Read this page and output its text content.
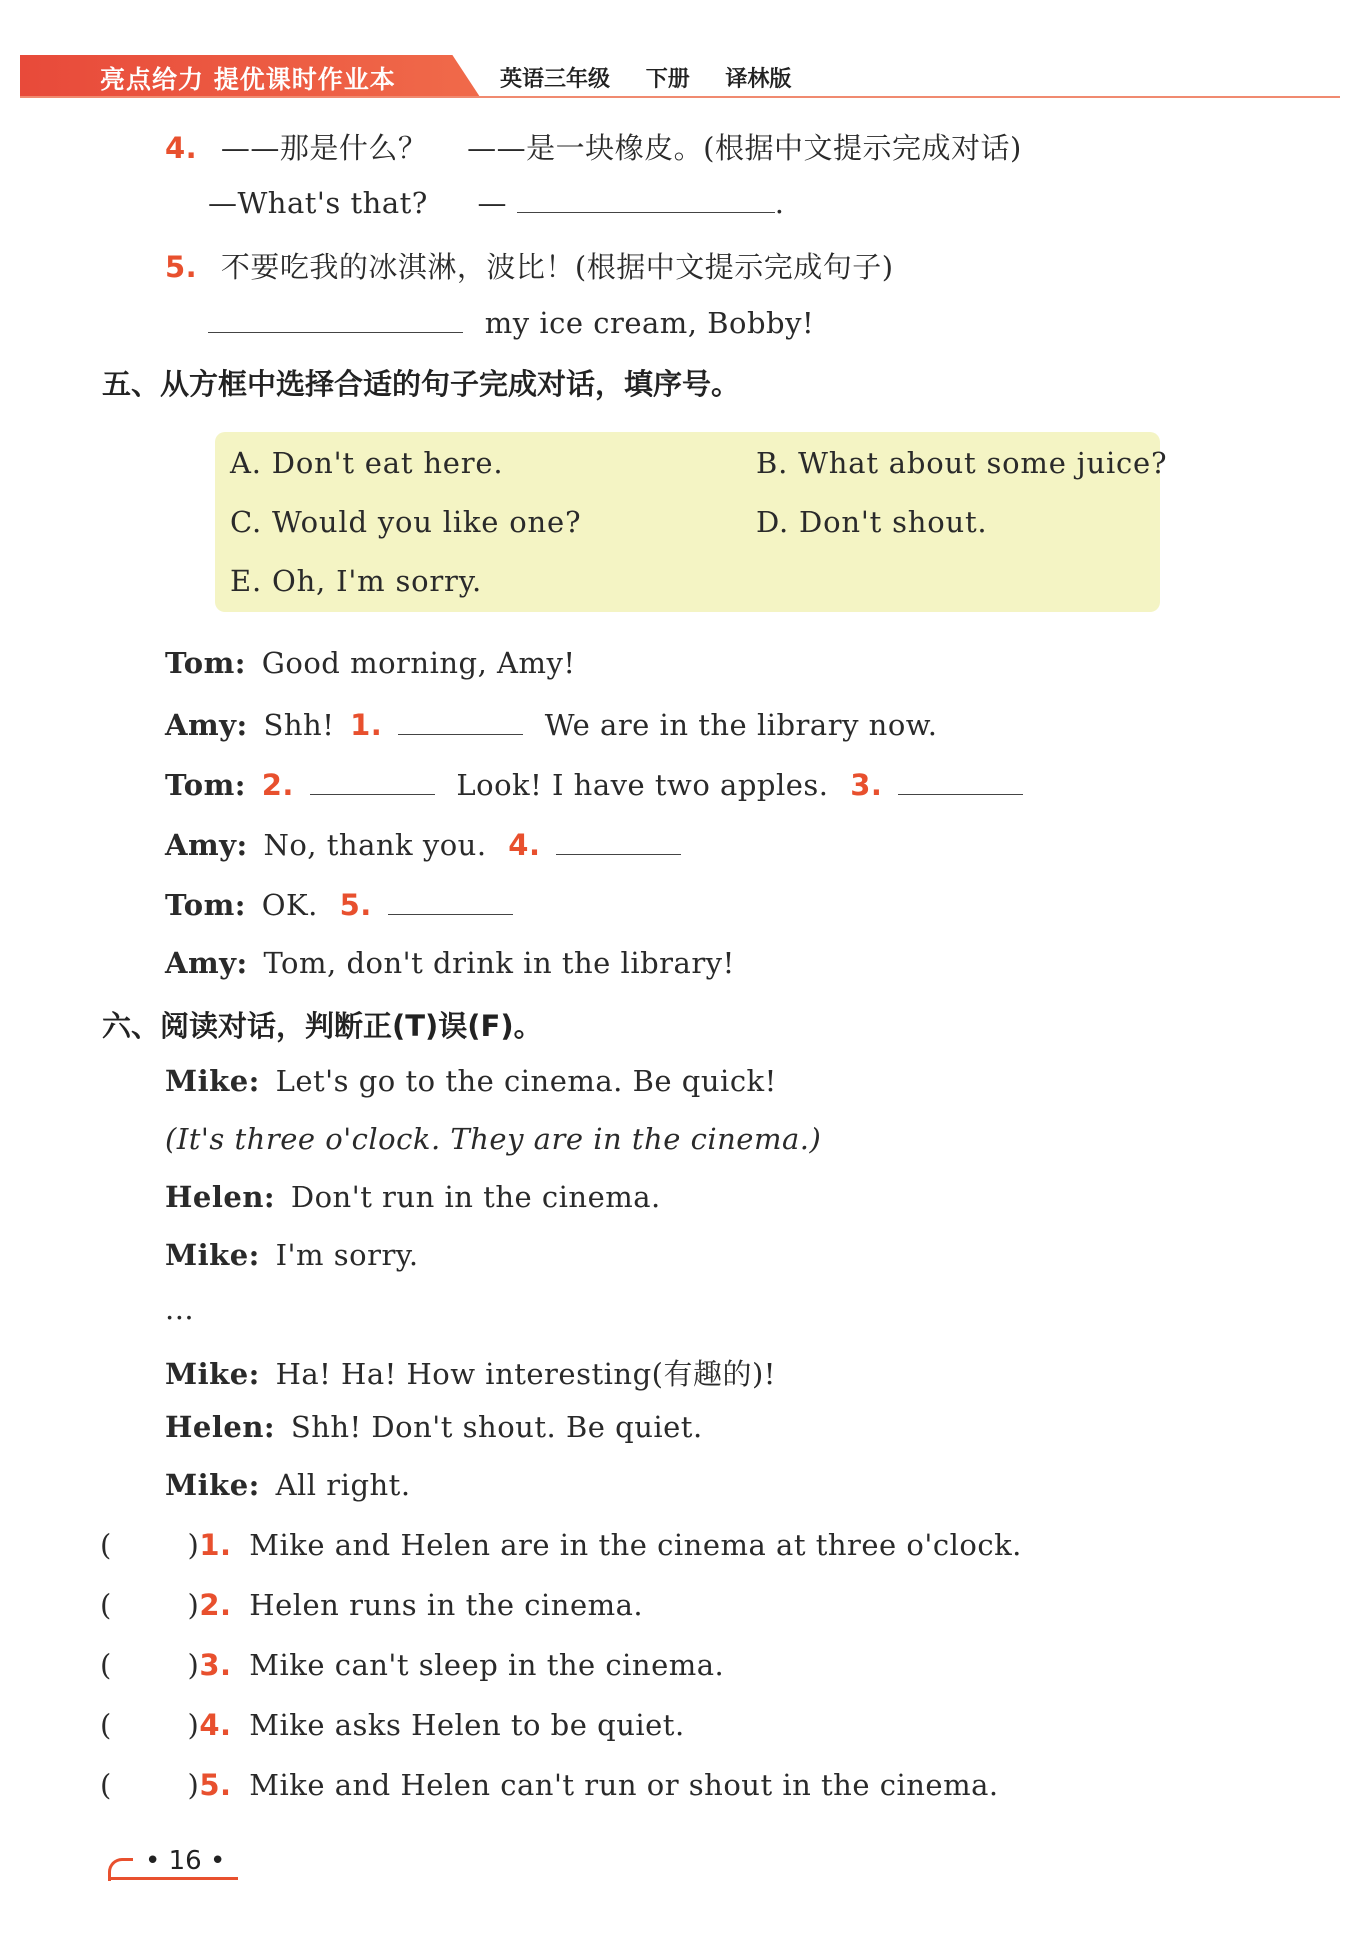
亮点给力 提优课时作业本	英语三年级 下册 译林版
4. ——那是什么？ ——是一块橡皮。(根据中文提示完成对话)
—What's that? —	.
5. 不要吃我的冰淇淋，波比！(根据中文提示完成句子)
my ice cream, Bobby!
五、从方框中选择合适的句子完成对话，填序号。
A. Don't eat here.	B. What about some juice?
C. Would you like one?	D. Don't shout.
E. Oh, I'm sorry.
Tom: Good morning, Amy!
Amy: Shh! 1.	We are in the library now.
Tom: 2.	Look! I have two apples. 3.
Amy: No, thank you. 4.
Tom: OK. 5.
Amy: Tom, don't drink in the library!
六、阅读对话，判断正(T)误(F)。
Mike: Let's go to the cinema. Be quick!
(It's three o'clock. They are in the cinema.)
Helen: Don't run in the cinema.
Mike: I'm sorry.
...
Mike: Ha! Ha! How interesting(有趣的)!
Helen: Shh! Don't shout. Be quiet.
Mike: All right.
(	)1. Mike and Helen are in the cinema at three o'clock.
(	)2. Helen runs in the cinema.
(	)3. Mike can't sleep in the cinema.
(	)4. Mike asks Helen to be quiet.
(	)5. Mike and Helen can't run or shout in the cinema.
• 16 •
